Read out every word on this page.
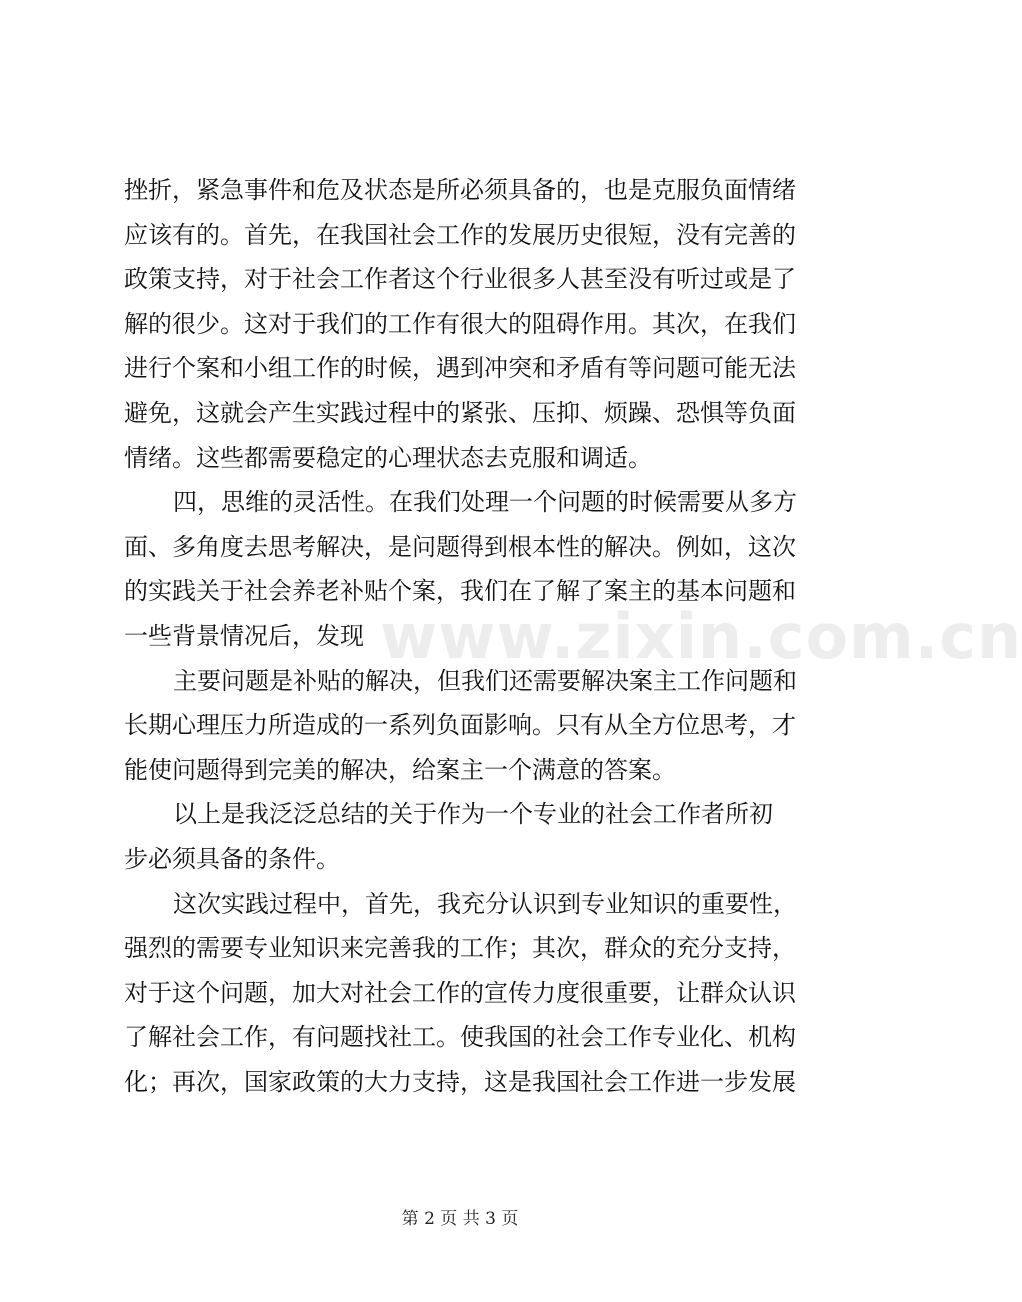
www.zixin.com.cn
挫折，紧急事件和危及状态是所必须具备的，也是克服负面情绪
应该有的。首先，在我国社会工作的发展历史很短，没有完善的
政策支持，对于社会工作者这个行业很多人甚至没有听过或是了
解的很少。这对于我们的工作有很大的阻碍作用。其次，在我们
进行个案和小组工作的时候，遇到冲突和矛盾有等问题可能无法
避免，这就会产生实践过程中的紧张、压抑、烦躁、恐惧等负面
情绪。这些都需要稳定的心理状态去克服和调适。
四，思维的灵活性。在我们处理一个问题的时候需要从多方
面、多角度去思考解决，是问题得到根本性的解决。例如，这次
的实践关于社会养老补贴个案，我们在了解了案主的基本问题和
一些背景情况后，发现
主要问题是补贴的解决，但我们还需要解决案主工作问题和
长期心理压力所造成的一系列负面影响。只有从全方位思考，才
能使问题得到完美的解决，给案主一个满意的答案。
以上是我泛泛总结的关于作为一个专业的社会工作者所初
步必须具备的条件。
这次实践过程中，首先，我充分认识到专业知识的重要性，
强烈的需要专业知识来完善我的工作；其次，群众的充分支持，
对于这个问题，加大对社会工作的宣传力度很重要，让群众认识
了解社会工作，有问题找社工。使我国的社会工作专业化、机构
化；再次，国家政策的大力支持，这是我国社会工作进一步发展
第 2 页 共 3 页
